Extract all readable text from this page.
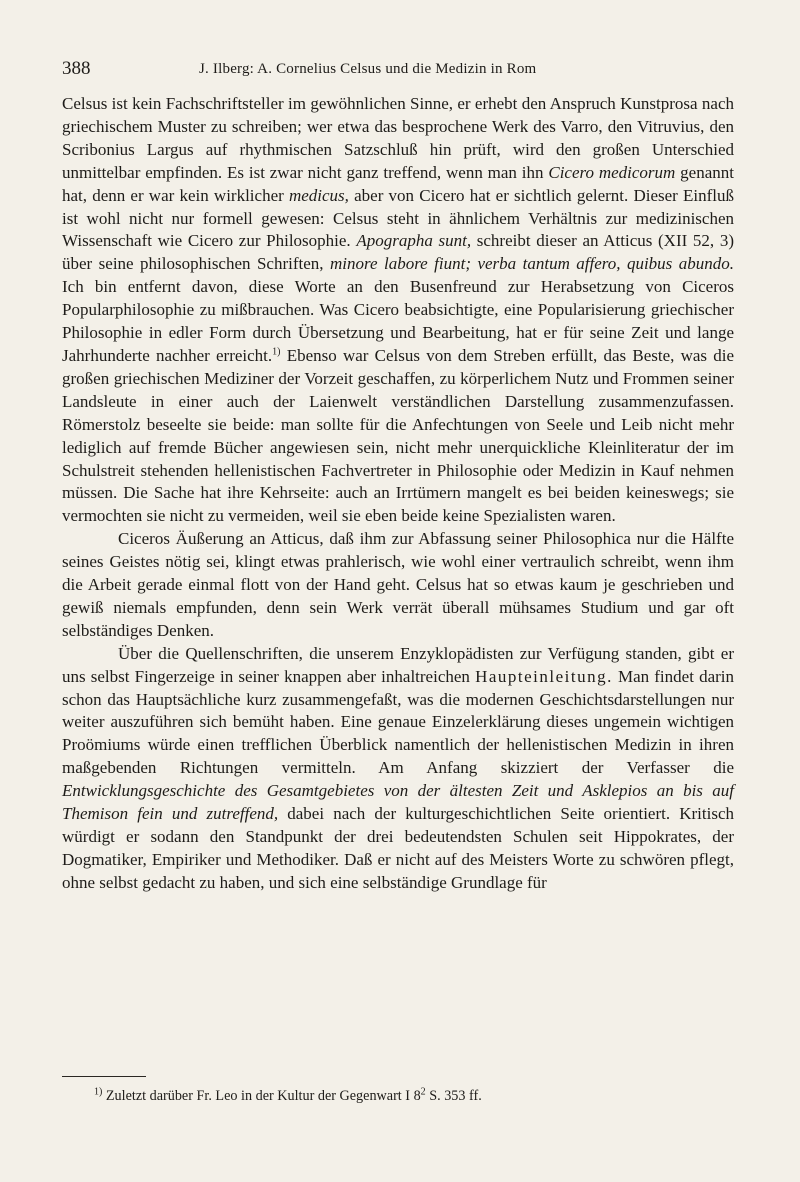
388	J. Ilberg: A. Cornelius Celsus und die Medizin in Rom

Celsus ist kein Fachschriftsteller im gewöhnlichen Sinne, er erhebt den Anspruch Kunstprosa nach griechischem Muster zu schreiben; wer etwa das besprochene Werk des Varro, den Vitruvius, den Scribonius Largus auf rhythmischen Satzschluß hin prüft, wird den großen Unterschied unmittelbar empfinden. Es ist zwar nicht ganz treffend, wenn man ihn Cicero medicorum genannt hat, denn er war kein wirklicher medicus, aber von Cicero hat er sichtlich gelernt. Dieser Einfluß ist wohl nicht nur formell gewesen: Celsus steht in ähnlichem Verhältnis zur medizinischen Wissenschaft wie Cicero zur Philosophie. Apographa sunt, schreibt dieser an Atticus (XII 52, 3) über seine philosophischen Schriften, minore labore fiunt; verba tantum affero, quibus abundo. Ich bin entfernt davon, diese Worte an den Busenfreund zur Herabsetzung von Ciceros Popularphilosophie zu mißbrauchen. Was Cicero beabsichtigte, eine Popularisierung griechischer Philosophie in edler Form durch Übersetzung und Bearbeitung, hat er für seine Zeit und lange Jahrhunderte nachher erreicht.$^{1)}$ Ebenso war Celsus von dem Streben erfüllt, das Beste, was die großen griechischen Mediziner der Vorzeit geschaffen, zu körperlichem Nutz und Frommen seiner Landsleute in einer auch der Laienwelt verständlichen Darstellung zusammenzufassen. Römerstolz beseelte sie beide: man sollte für die Anfechtungen von Seele und Leib nicht mehr lediglich auf fremde Bücher angewiesen sein, nicht mehr unerquickliche Kleinliteratur der im Schulstreit stehenden hellenistischen Fachvertreter in Philosophie oder Medizin in Kauf nehmen müssen. Die Sache hat ihre Kehrseite: auch an Irrtümern mangelt es bei beiden keineswegs; sie vermochten sie nicht zu vermeiden, weil sie eben beide keine Spezialisten waren.

Ciceros Äußerung an Atticus, daß ihm zur Abfassung seiner Philosophica nur die Hälfte seines Geistes nötig sei, klingt etwas prahlerisch, wie wohl einer vertraulich schreibt, wenn ihm die Arbeit gerade einmal flott von der Hand geht. Celsus hat so etwas kaum je geschrieben und gewiß niemals empfunden, denn sein Werk verrät überall mühsames Studium und gar oft selbständiges Denken.

Über die Quellenschriften, die unserem Enzyklopädisten zur Verfügung standen, gibt er uns selbst Fingerzeige in seiner knappen aber inhaltreichen Haupteinleitung. Man findet darin schon das Hauptsächliche kurz zusammengefaßt, was die modernen Geschichtsdarstellungen nur weiter auszuführen sich bemüht haben. Eine genaue Einzelerklärung dieses ungemein wichtigen Proömiums würde einen trefflichen Überblick namentlich der hellenistischen Medizin in ihren maßgebenden Richtungen vermitteln. Am Anfang skizziert der Verfasser die Entwicklungsgeschichte des Gesamtgebietes von der ältesten Zeit und Asklepios an bis auf Themison fein und zutreffend, dabei nach der kulturgeschichtlichen Seite orientiert. Kritisch würdigt er sodann den Standpunkt der drei bedeutendsten Schulen seit Hippokrates, der Dogmatiker, Empiriker und Methodiker. Daß er nicht auf des Meisters Worte zu schwören pflegt, ohne selbst gedacht zu haben, und sich eine selbständige Grundlage für

$^{1)}$ Zuletzt darüber Fr. Leo in der Kultur der Gegenwart I $8^2$ S. 353 ff.
